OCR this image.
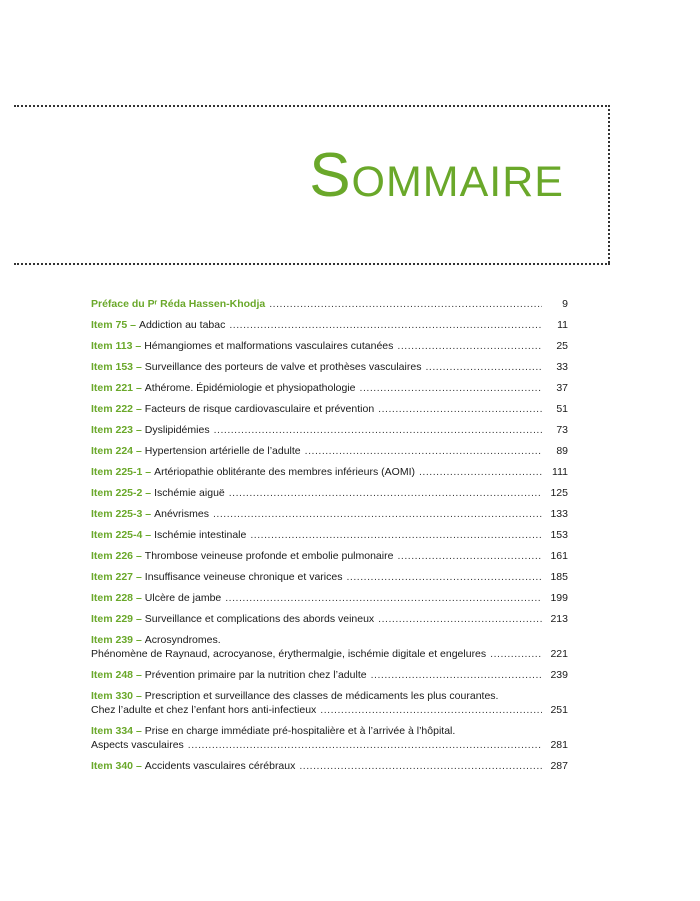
Sommaire
Préface du Pʳ Réda Hassen-Khodja . . .	9
Item 75 – Addiction au tabac . . .	11
Item 113 – Hémangiomes et malformations vasculaires cutanées . . .	25
Item 153 – Surveillance des porteurs de valve et prothèses vasculaires . . .	33
Item 221 – Athérome. Épidémiologie et physiopathologie . . .	37
Item 222 – Facteurs de risque cardiovasculaire et prévention . . .	51
Item 223 – Dyslipidémies . . .	73
Item 224 – Hypertension artérielle de l’adulte . . .	89
Item 225-1 – Artériopathie oblitérante des membres inférieurs (AOMI) . . .	111
Item 225-2 – Ischémie aiguë . . .	125
Item 225-3 – Anévrismes . . .	133
Item 225-4 – Ischémie intestinale . . .	153
Item 226 – Thrombose veineuse profonde et embolie pulmonaire . . .	161
Item 227 – Insuffisance veineuse chronique et varices . . .	185
Item 228 – Ulcère de jambe . . .	199
Item 229 – Surveillance et complications des abords veineux . . .	213
Item 239 – Acrosyndromes.
Phénomène de Raynaud, acrocyanose, érythermalgie, ischémie digitale et engelures . . .	221
Item 248 – Prévention primaire par la nutrition chez l’adulte . . .	239
Item 330 – Prescription et surveillance des classes de médicaments les plus courantes.
Chez l’adulte et chez l’enfant hors anti-infectieux . . .	251
Item 334 – Prise en charge immédiate pré-hospitalière et à l’arrivée à l’hôpital.
Aspects vasculaires . . .	281
Item 340 – Accidents vasculaires cérébraux . . .	287
